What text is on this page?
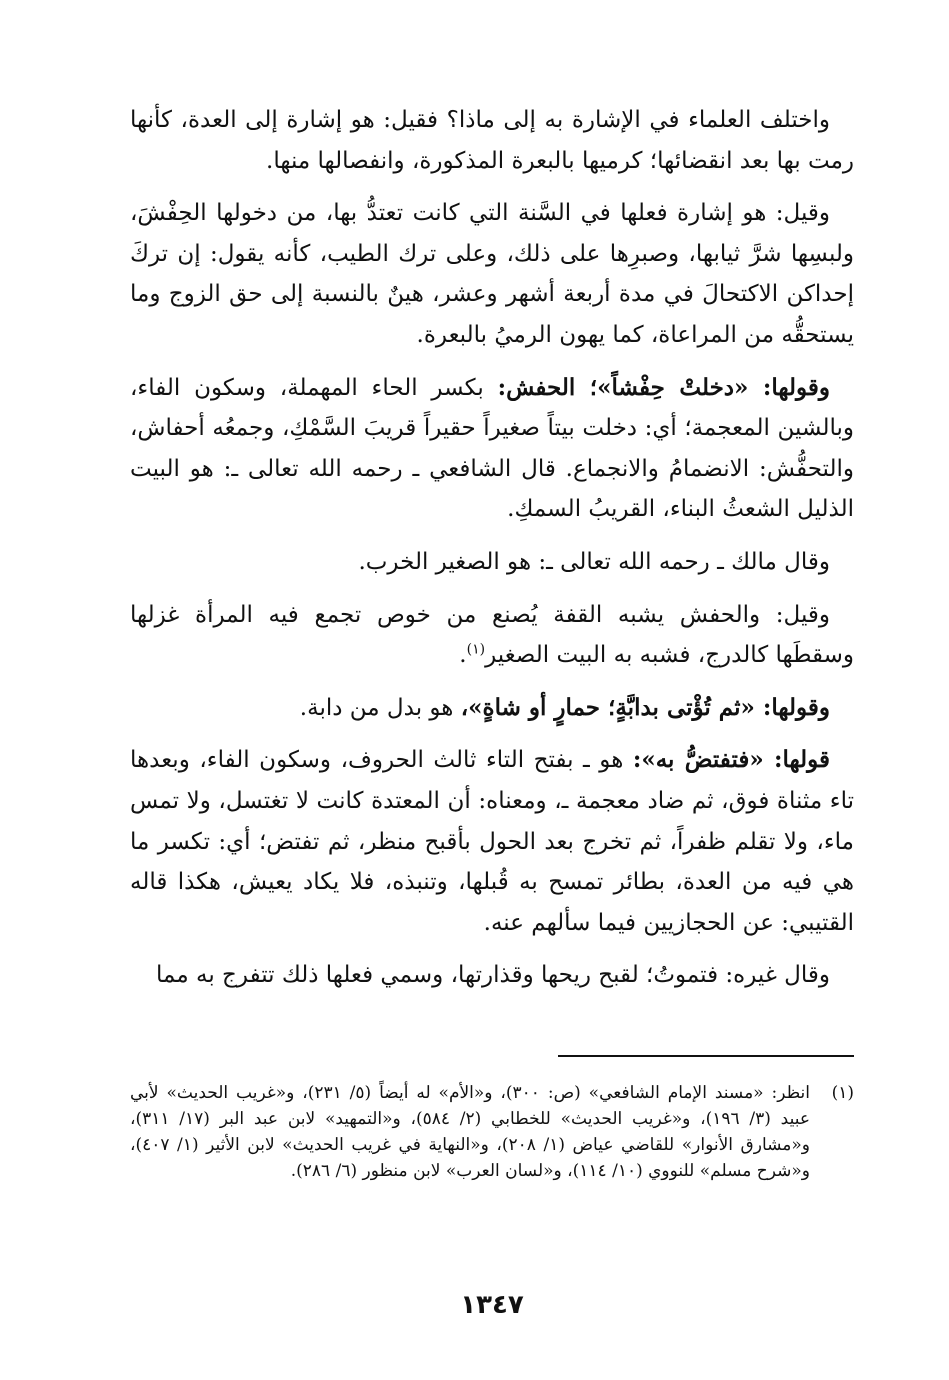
واختلف العلماء في الإشارة به إلى ماذا؟ فقيل: هو إشارة إلى العدة، كأنها رمت بها بعد انقضائها؛ كرميها بالبعرة المذكورة، وانفصالها منها.

وقيل: هو إشارة فعلها في السَّنة التي كانت تعتدُّ بها، من دخولها الحِفْشَ، ولبسِها شرَّ ثيابها، وصبرِها على ذلك، وعلى ترك الطيب، كأنه يقول: إن تركَ إحداكن الاكتحالَ في مدة أربعة أشهر وعشر، هينٌ بالنسبة إلى حق الزوج وما يستحقُّه من المراعاة، كما يهون الرميُ بالبعرة.

وقولها: «دخلتْ حِفْشاً»؛ الحفش: بكسر الحاء المهملة، وسكون الفاء، وبالشين المعجمة؛ أي: دخلت بيتاً صغيراً حقيراً قريبَ السَّمْكِ، وجمعُه أحفاش، والتحفُّش: الانضمامُ والانجماع. قال الشافعي ـ رحمه الله تعالى ـ: هو البيت الذليل الشعثُ البناء، القريبُ السمكِ.

وقال مالك ـ رحمه الله تعالى ـ: هو الصغير الخرب.

وقيل: والحفش يشبه القفة يُصنع من خوص تجمع فيه المرأة غزلها وسقطَها كالدرج، فشبه به البيت الصغير$^{(١)}$.

وقولها: «ثم تُؤْتى بدابَّةٍ؛ حمارٍ أو شاةٍ»، هو بدل من دابة.

قولها: «فتفتضُّ به»: هو ـ بفتح التاء ثالث الحروف، وسكون الفاء، وبعدها تاء مثناة فوق، ثم ضاد معجمة ـ، ومعناه: أن المعتدة كانت لا تغتسل، ولا تمس ماء، ولا تقلم ظفراً، ثم تخرج بعد الحول بأقبح منظر، ثم تفتض؛ أي: تكسر ما هي فيه من العدة، بطائر تمسح به قُبلها، وتنبذه، فلا يكاد يعيش، هكذا قاله القتيبي: عن الحجازيين فيما سألهم عنه.

وقال غيره: فتموتُ؛ لقبح ريحها وقذارتها، وسمي فعلها ذلك تتفرج به مما

(١)
انظر: «مسند الإمام الشافعي» (ص: ٣٠٠)، و«الأم» له أيضاً (٥/ ٢٣١)، و«غريب الحديث» لأبي عبيد (٣/ ١٩٦)، و«غريب الحديث» للخطابي (٢/ ٥٨٤)، و«التمهيد» لابن عبد البر (١٧/ ٣١١)، و«مشارق الأنوار» للقاضي عياض (١/ ٢٠٨)، و«النهاية في غريب الحديث» لابن الأثير (١/ ٤٠٧)، و«شرح مسلم» للنووي (١٠/ ١١٤)، و«لسان العرب» لابن منظور (٦/ ٢٨٦).
١٣٤٧
